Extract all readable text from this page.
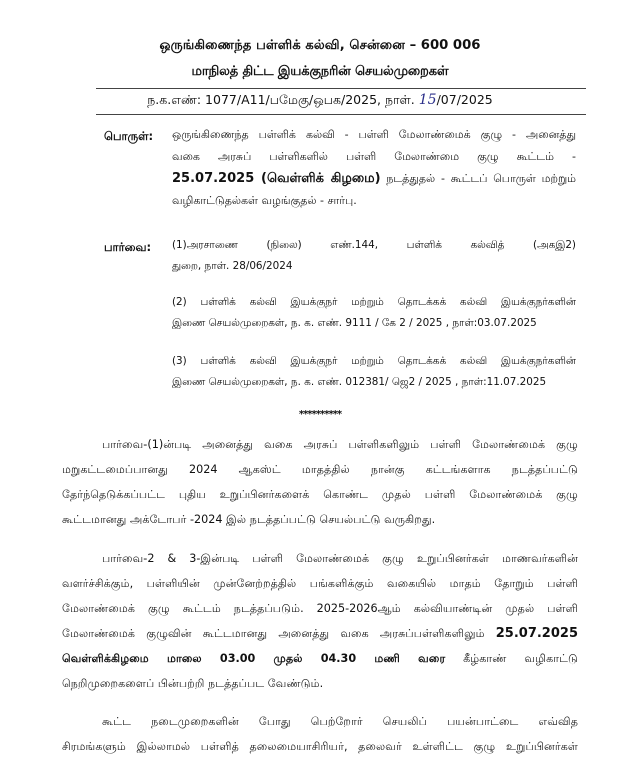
ஒருங்கிணைந்த பள்ளிக் கல்வி, சென்னை – 600 006
மாநிலத் திட்ட இயக்குநரின் செயல்முறைகள்
ந.க.எண்: 1077/A11/பமேகு/ஒபக/2025, நாள். 15/07/2025
பொருள்: ஒருங்கிணைந்த பள்ளிக் கல்வி - பள்ளி மேலாண்மைக் குழு - அனைத்து
வகை அரசுப் பள்ளிகளில் பள்ளி மேலாண்மை குழு கூட்டம் -
25.07.2025 (வெள்ளிக் கிழமை) நடத்துதல் - கூட்டப் பொருள் மற்றும்
வழிகாட்டுதல்கள் வழங்குதல் - சார்பு.
பார்வை: (1)அரசாணை (நிலை) எண்.144, பள்ளிக் கல்வித் (அகஇ2)
துறை, நாள். 28/06/2024
(2) பள்ளிக் கல்வி இயக்குநர் மற்றும் தொடக்கக் கல்வி இயக்குநர்களின்
இணை செயல்முறைகள், ந. க. எண். 9111 / கே 2 / 2025 , நாள்:03.07.2025
(3) பள்ளிக் கல்வி இயக்குநர் மற்றும் தொடக்கக் கல்வி இயக்குநர்களின்
இணை செயல்முறைகள், ந. க. எண். 012381/ ஜெ2 / 2025 , நாள்:11.07.2025
**********
பார்வை-(1)ன்படி அனைத்து வகை அரசுப் பள்ளிகளிலும் பள்ளி மேலாண்மைக் குழு
மறுகட்டமைப்பானது 2024 ஆகஸ்ட் மாதத்தில் நான்கு கட்டங்களாக நடத்தப்பட்டு
தேர்ந்தெடுக்கப்பட்ட புதிய உறுப்பினர்களைக் கொண்ட முதல் பள்ளி மேலாண்மைக் குழு
கூட்டமானது அக்டோபர் -2024 இல் நடத்தப்பட்டு செயல்பட்டு வருகிறது.
பார்வை-2 & 3-இன்படி பள்ளி மேலாண்மைக் குழு உறுப்பினர்கள் மாணவர்களின்
வளர்ச்சிக்கும், பள்ளியின் முன்னேற்றத்தில் பங்களிக்கும் வகையில் மாதம் தோறும் பள்ளி
மேலாண்மைக் குழு கூட்டம் நடத்தப்படும். 2025-2026ஆம் கல்வியாண்டின் முதல் பள்ளி
மேலாண்மைக் குழுவின் கூட்டமானது அனைத்து வகை அரசுப்பள்ளிகளிலும் 25.07.2025
வெள்ளிக்கிழமை மாலை 03.00 முதல் 04.30 மணி வரை கீழ்காண் வழிகாட்டு
நெறிமுறைகளைப் பின்பற்றி நடத்தப்பட வேண்டும்.
கூட்ட நடைமுறைகளின் போது பெற்றோர் செயலிப் பயன்பாட்டை எவ்வித
சிரமங்களும் இல்லாமல் பள்ளித் தலைமையாசிரியர், தலைவர் உள்ளிட்ட குழு உறுப்பினர்கள்
